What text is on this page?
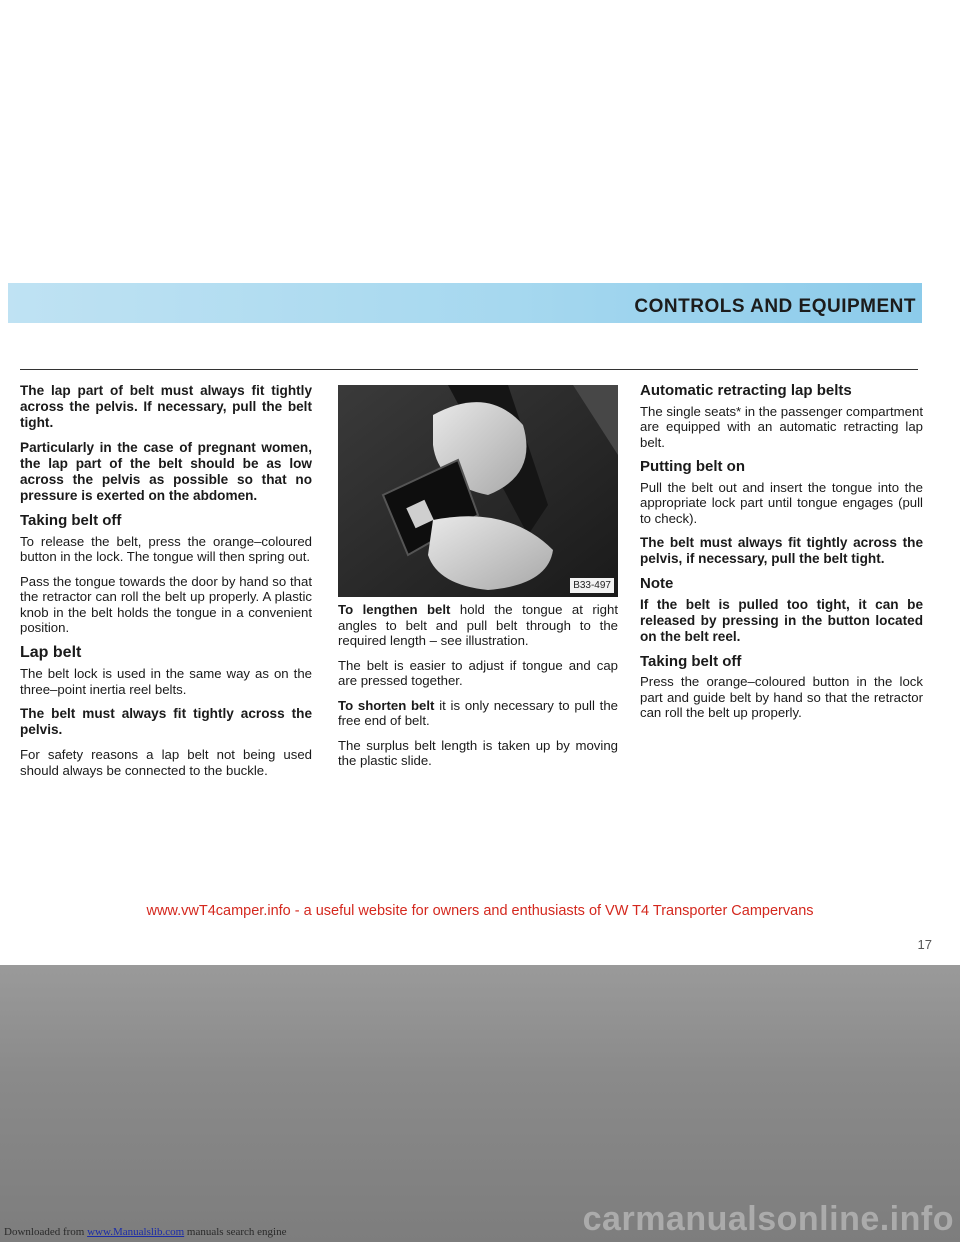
CONTROLS AND EQUIPMENT

The lap part of belt must always fit tightly across the pelvis. If necessary, pull the belt tight.

Particularly in the case of pregnant women, the lap part of the belt should be as low across the pelvis as possible so that no pressure is exerted on the abdomen.

Taking belt off

To release the belt, press the orange–coloured button in the lock. The tongue will then spring out.

Pass the tongue towards the door by hand so that the retractor can roll the belt up properly. A plastic knob in the belt holds the tongue in a convenient position.

Lap belt

The belt lock is used in the same way as on the three–point inertia reel belts.

The belt must always fit tightly across the pelvis.

For safety reasons a lap belt not being used should always be connected to the buckle.

B33-497

To lengthen belt hold the tongue at right angles to belt and pull belt through to the required length – see illustration.

The belt is easier to adjust if tongue and cap are pressed together.

To shorten belt it is only necessary to pull the free end of belt.

The surplus belt length is taken up by moving the plastic slide.

Automatic retracting lap belts

The single seats* in the passenger compartment are equipped with an automatic retracting lap belt.

Putting belt on

Pull the belt out and insert the tongue into the appropriate lock part until tongue engages (pull to check).

The belt must always fit tightly across the pelvis, if necessary, pull the belt tight.

Note

If the belt is pulled too tight, it can be released by pressing in the button located on the belt reel.

Taking belt off

Press the orange–coloured button in the lock part and guide belt by hand so that the retractor can roll the belt up properly.

www.vwT4camper.info - a useful website for owners and enthusiasts of VW T4 Transporter Campervans
17
carmanualsonline.info
Downloaded from www.Manualslib.com manuals search engine
